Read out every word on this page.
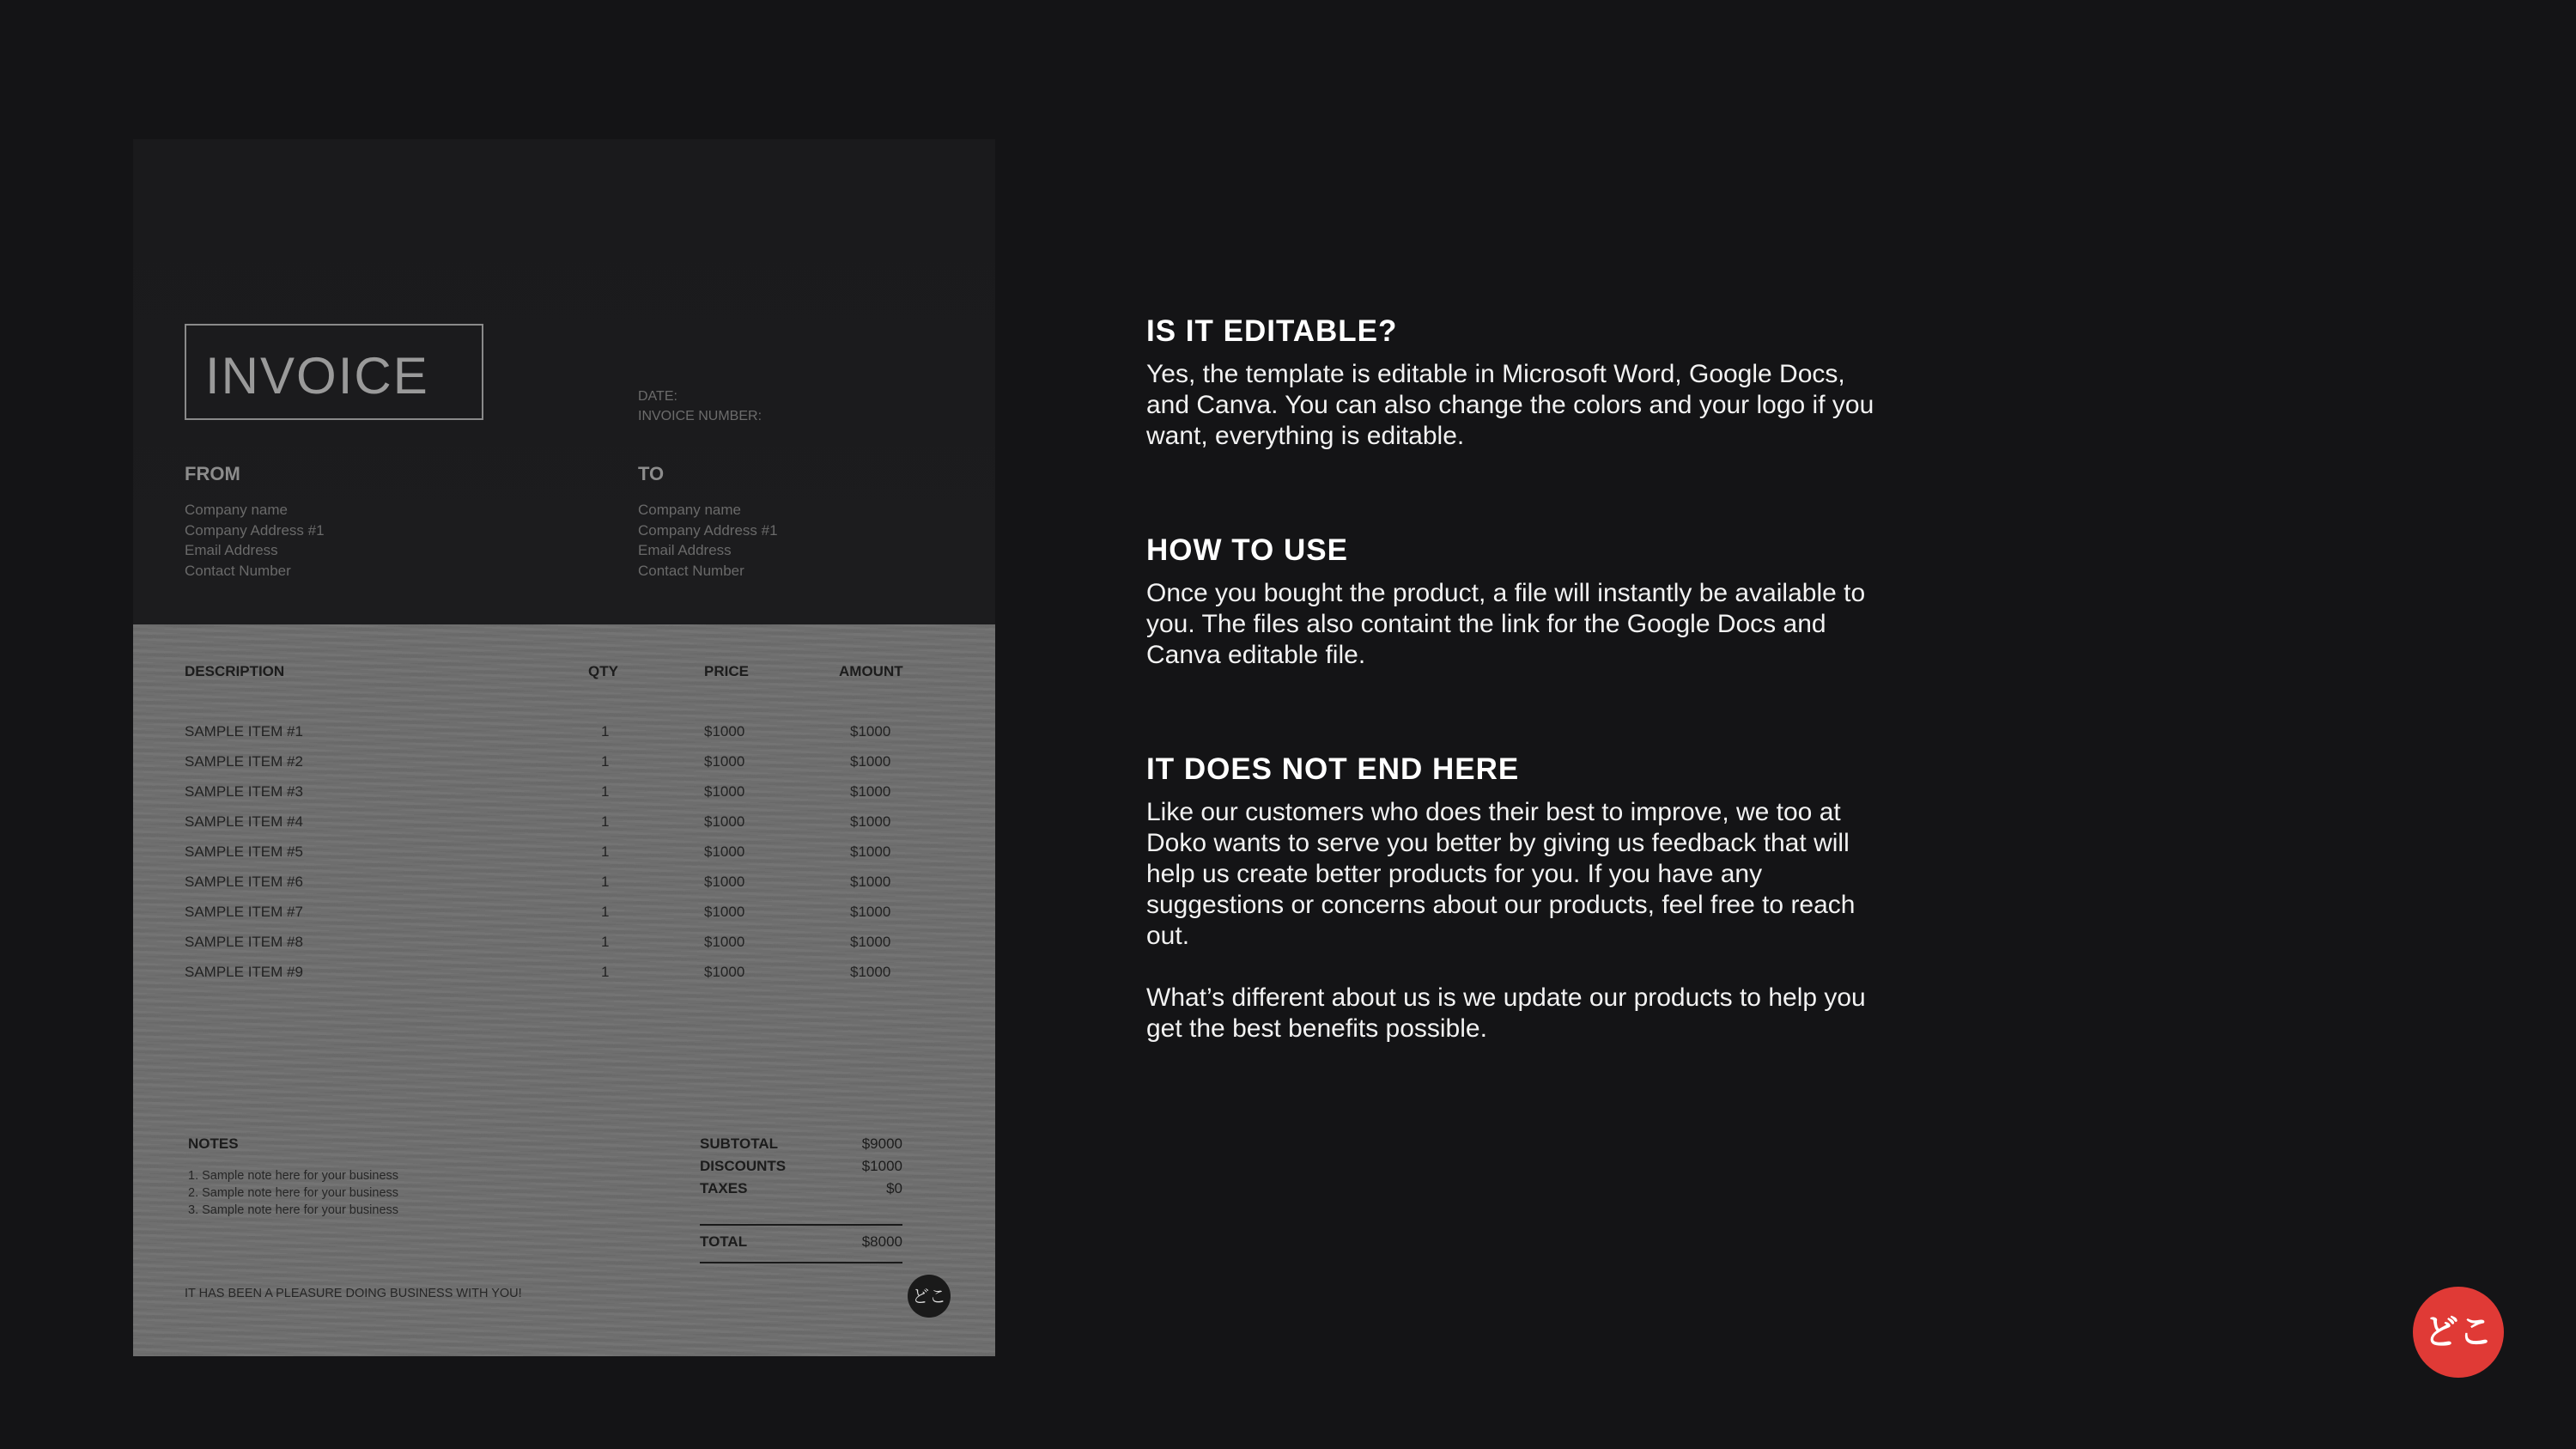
INVOICE	DATE:
INVOICE NUMBER:
FROM
Company name
Company Address #1
Email Address
Contact Number
TO
Company name
Company Address #1
Email Address
Contact Number
DESCRIPTION	QTY	PRICE	AMOUNT
SAMPLE ITEM #1	1	$1000	$1000
SAMPLE ITEM #2	1	$1000	$1000
SAMPLE ITEM #3	1	$1000	$1000
SAMPLE ITEM #4	1	$1000	$1000
SAMPLE ITEM #5	1	$1000	$1000
SAMPLE ITEM #6	1	$1000	$1000
SAMPLE ITEM #7	1	$1000	$1000
SAMPLE ITEM #8	1	$1000	$1000
SAMPLE ITEM #9	1	$1000	$1000
NOTES
1. Sample note here for your business
2. Sample note here for your business
3. Sample note here for your business
SUBTOTAL	$9000
DISCOUNTS	$1000
TAXES	$0
TOTAL	$8000
IT HAS BEEN A PLEASURE DOING BUSINESS WITH YOU!	どこ
IS IT EDITABLE?

Yes, the template is editable in Microsoft Word, Google Docs, and Canva. You can also change the colors and your logo if you want, everything is editable.

HOW TO USE

Once you bought the product, a file will instantly be available to you. The files also containt the link for the Google Docs and Canva editable file.

IT DOES NOT END HERE

Like our customers who does their best to improve, we too at Doko wants to serve you better by giving us feedback that will help us create better products for you. If you have any suggestions or concerns about our products, feel free to reach out.

What’s different about us is we update our products to help you get the best benefits possible.

どこ
